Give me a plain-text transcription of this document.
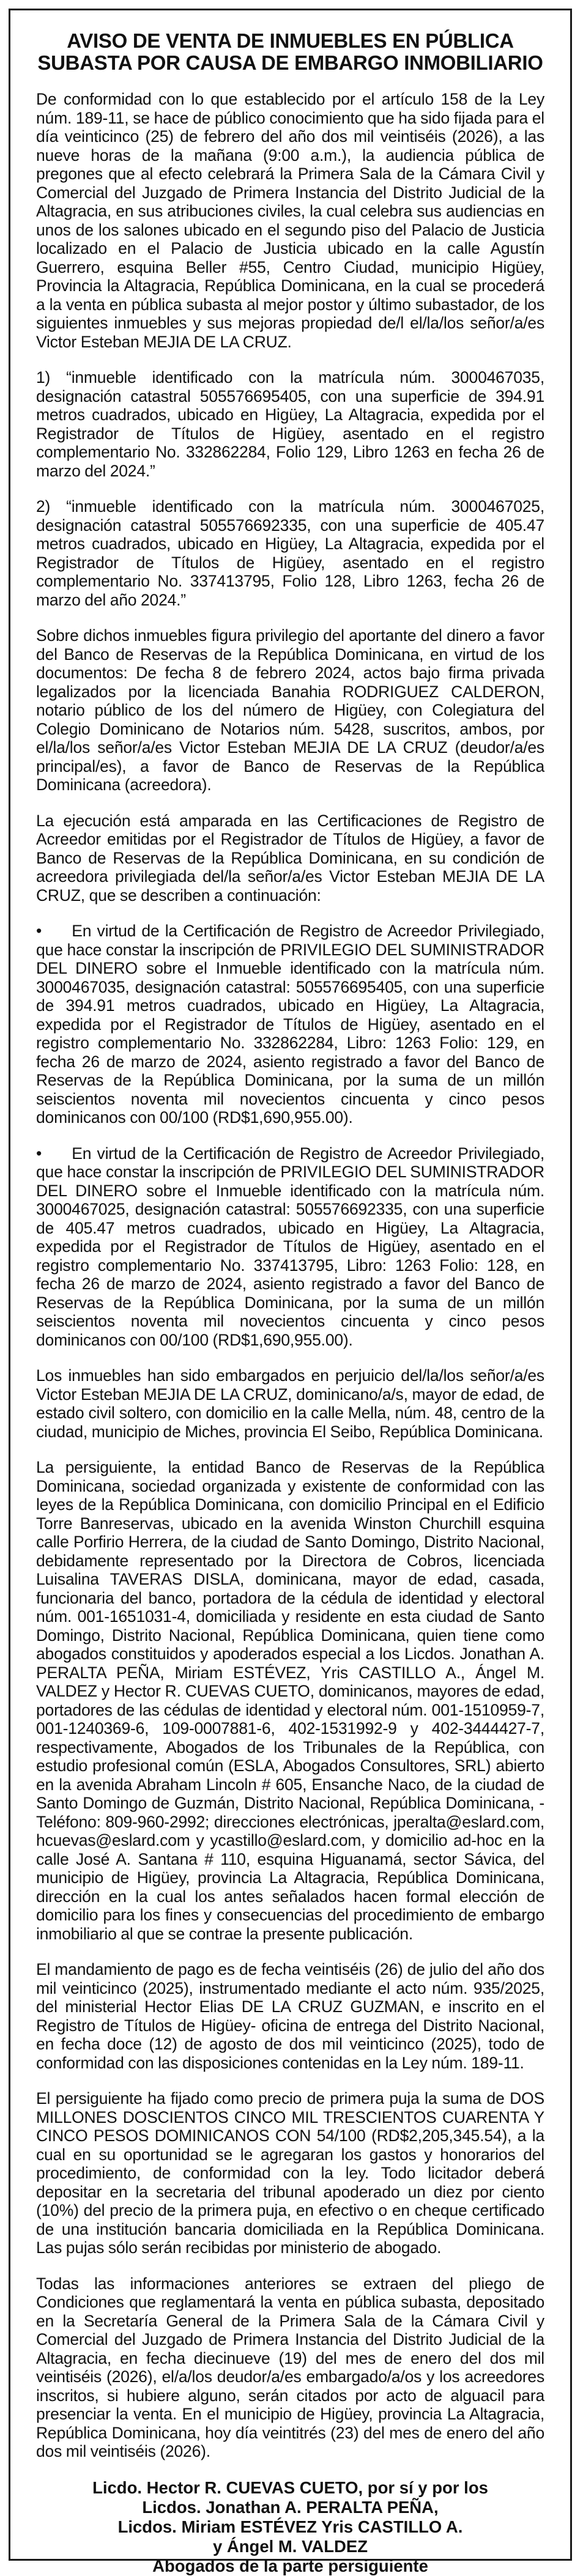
AVISO DE VENTA DE INMUEBLES EN PÚBLICA SUBASTA POR CAUSA DE EMBARGO INMOBILIARIO

De conformidad con lo que establecido por el artículo 158 de la Ley núm. 189-11, se hace de público conocimiento que ha sido fijada para el día veinticinco (25) de febrero del año dos mil veintiséis (2026), a las nueve horas de la mañana (9:00 a.m.), la audiencia pública de pregones que al efecto celebrará la Primera Sala de la Cámara Civil y Comercial del Juzgado de Primera Instancia del Distrito Judicial de la Altagracia, en sus atribuciones civiles, la cual celebra sus audiencias en unos de los salones ubicado en el segundo piso del Palacio de Justicia localizado en el Palacio de Justicia ubicado en la calle Agustín Guerrero, esquina Beller #55, Centro Ciudad, municipio Higüey, Provincia la Altagracia, República Dominicana, en la cual se procederá a la venta en pública subasta al mejor postor y último subastador, de los siguientes inmuebles y sus mejoras propiedad de/l el/la/los señor/a/es Victor Esteban MEJIA DE LA CRUZ.

1) “inmueble identificado con la matrícula núm. 3000467035, designación catastral 505576695405, con una superficie de 394.91 metros cuadrados, ubicado en Higüey, La Altagracia, expedida por el Registrador de Títulos de Higüey, asentado en el registro complementario No. 332862284, Folio 129, Libro 1263 en fecha 26 de marzo del 2024.”

2) “inmueble identificado con la matrícula núm. 3000467025, designación catastral 505576692335, con una superficie de 405.47 metros cuadrados, ubicado en Higüey, La Altagracia, expedida por el Registrador de Títulos de Higüey, asentado en el registro complementario No. 337413795, Folio 128, Libro 1263, fecha 26 de marzo del año 2024.”

Sobre dichos inmuebles figura privilegio del aportante del dinero a favor del Banco de Reservas de la República Dominicana, en virtud de los documentos: De fecha 8 de febrero 2024, actos bajo firma privada legalizados por la licenciada Banahia RODRIGUEZ CALDERON, notario público de los del número de Higüey, con Colegiatura del Colegio Dominicano de Notarios núm. 5428, suscritos, ambos, por el/la/los señor/a/es Victor Esteban MEJIA DE LA CRUZ (deudor/a/es principal/es), a favor de Banco de Reservas de la República Dominicana (acreedora).

La ejecución está amparada en las Certificaciones de Registro de Acreedor emitidas por el Registrador de Títulos de Higüey, a favor de Banco de Reservas de la República Dominicana, en su condición de acreedora privilegiada del/la señor/a/es Victor Esteban MEJIA DE LA CRUZ, que se describen a continuación:

• En virtud de la Certificación de Registro de Acreedor Privilegiado, que hace constar la inscripción de PRIVILEGIO DEL SUMINISTRADOR DEL DINERO sobre el Inmueble identificado con la matrícula núm. 3000467035, designación catastral: 505576695405, con una superficie de 394.91 metros cuadrados, ubicado en Higüey, La Altagracia, expedida por el Registrador de Títulos de Higüey, asentado en el registro complementario No. 332862284, Libro: 1263 Folio: 129, en fecha 26 de marzo de 2024, asiento registrado a favor del Banco de Reservas de la República Dominicana, por la suma de un millón seiscientos noventa mil novecientos cincuenta y cinco pesos dominicanos con 00/100 (RD$1,690,955.00).

• En virtud de la Certificación de Registro de Acreedor Privilegiado, que hace constar la inscripción de PRIVILEGIO DEL SUMINISTRADOR DEL DINERO sobre el Inmueble identificado con la matrícula núm. 3000467025, designación catastral: 505576692335, con una superficie de 405.47 metros cuadrados, ubicado en Higüey, La Altagracia, expedida por el Registrador de Títulos de Higüey, asentado en el registro complementario No. 337413795, Libro: 1263 Folio: 128, en fecha 26 de marzo de 2024, asiento registrado a favor del Banco de Reservas de la República Dominicana, por la suma de un millón seiscientos noventa mil novecientos cincuenta y cinco pesos dominicanos con 00/100 (RD$1,690,955.00).

Los inmuebles han sido embargados en perjuicio del/la/los señor/a/es Victor Esteban MEJIA DE LA CRUZ, dominicano/a/s, mayor de edad, de estado civil soltero, con domicilio en la calle Mella, núm. 48, centro de la ciudad, municipio de Miches, provincia El Seibo, República Dominicana.

La persiguiente, la entidad Banco de Reservas de la República Dominicana, sociedad organizada y existente de conformidad con las leyes de la República Dominicana, con domicilio Principal en el Edificio Torre Banreservas, ubicado en la avenida Winston Churchill esquina calle Porfirio Herrera, de la ciudad de Santo Domingo, Distrito Nacional, debidamente representado por la Directora de Cobros, licenciada Luisalina TAVERAS DISLA, dominicana, mayor de edad, casada, funcionaria del banco, portadora de la cédula de identidad y electoral núm. 001-1651031-4, domiciliada y residente en esta ciudad de Santo Domingo, Distrito Nacional, República Dominicana, quien tiene como abogados constituidos y apoderados especial a los Licdos. Jonathan A. PERALTA PEÑA, Miriam ESTÉVEZ, Yris CASTILLO A., Ángel M. VALDEZ y Hector R. CUEVAS CUETO, dominicanos, mayores de edad, portadores de las cédulas de identidad y electoral núm. 001-1510959-7, 001-1240369-6, 109-0007881-6, 402-1531992-9 y 402-3444427-7, respectivamente, Abogados de los Tribunales de la República, con estudio profesional común (ESLA, Abogados Consultores, SRL) abierto en la avenida Abraham Lincoln # 605, Ensanche Naco, de la ciudad de Santo Domingo de Guzmán, Distrito Nacional, República Dominicana, - Teléfono: 809-960-2992; direcciones electrónicas, jperalta@eslard.com, hcuevas@eslard.com y ycastillo@eslard.com, y domicilio ad-hoc en la calle José A. Santana # 110, esquina Higuanamá, sector Sávica, del municipio de Higüey, provincia La Altagracia, República Dominicana, dirección en la cual los antes señalados hacen formal elección de domicilio para los fines y consecuencias del procedimiento de embargo inmobiliario al que se contrae la presente publicación.

El mandamiento de pago es de fecha veintiséis (26) de julio del año dos mil veinticinco (2025), instrumentado mediante el acto núm. 935/2025, del ministerial Hector Elias DE LA CRUZ GUZMAN, e inscrito en el Registro de Títulos de Higüey- oficina de entrega del Distrito Nacional, en fecha doce (12) de agosto de dos mil veinticinco (2025), todo de conformidad con las disposiciones contenidas en la Ley núm. 189-11.

El persiguiente ha fijado como precio de primera puja la suma de DOS MILLONES DOSCIENTOS CINCO MIL TRESCIENTOS CUARENTA Y CINCO PESOS DOMINICANOS CON 54/100 (RD$2,205,345.54), a la cual en su oportunidad se le agregaran los gastos y honorarios del procedimiento, de conformidad con la ley. Todo licitador deberá depositar en la secretaria del tribunal apoderado un diez por ciento (10%) del precio de la primera puja, en efectivo o en cheque certificado de una institución bancaria domiciliada en la República Dominicana. Las pujas sólo serán recibidas por ministerio de abogado.

Todas las informaciones anteriores se extraen del pliego de Condiciones que reglamentará la venta en pública subasta, depositado en la Secretaría General de la Primera Sala de la Cámara Civil y Comercial del Juzgado de Primera Instancia del Distrito Judicial de la Altagracia, en fecha diecinueve (19) del mes de enero del dos mil veintiséis (2026), el/a/los deudor/a/es embargado/a/os y los acreedores inscritos, si hubiere alguno, serán citados por acto de alguacil para presenciar la venta. En el municipio de Higüey, provincia La Altagracia, República Dominicana, hoy día veintitrés (23) del mes de enero del año dos mil veintiséis (2026).

Licdo. Hector R. CUEVAS CUETO, por sí y por los
Licdos. Jonathan A. PERALTA PEÑA,
Licdos. Miriam ESTÉVEZ Yris CASTILLO A.
y Ángel M. VALDEZ
Abogados de la parte persiguiente
